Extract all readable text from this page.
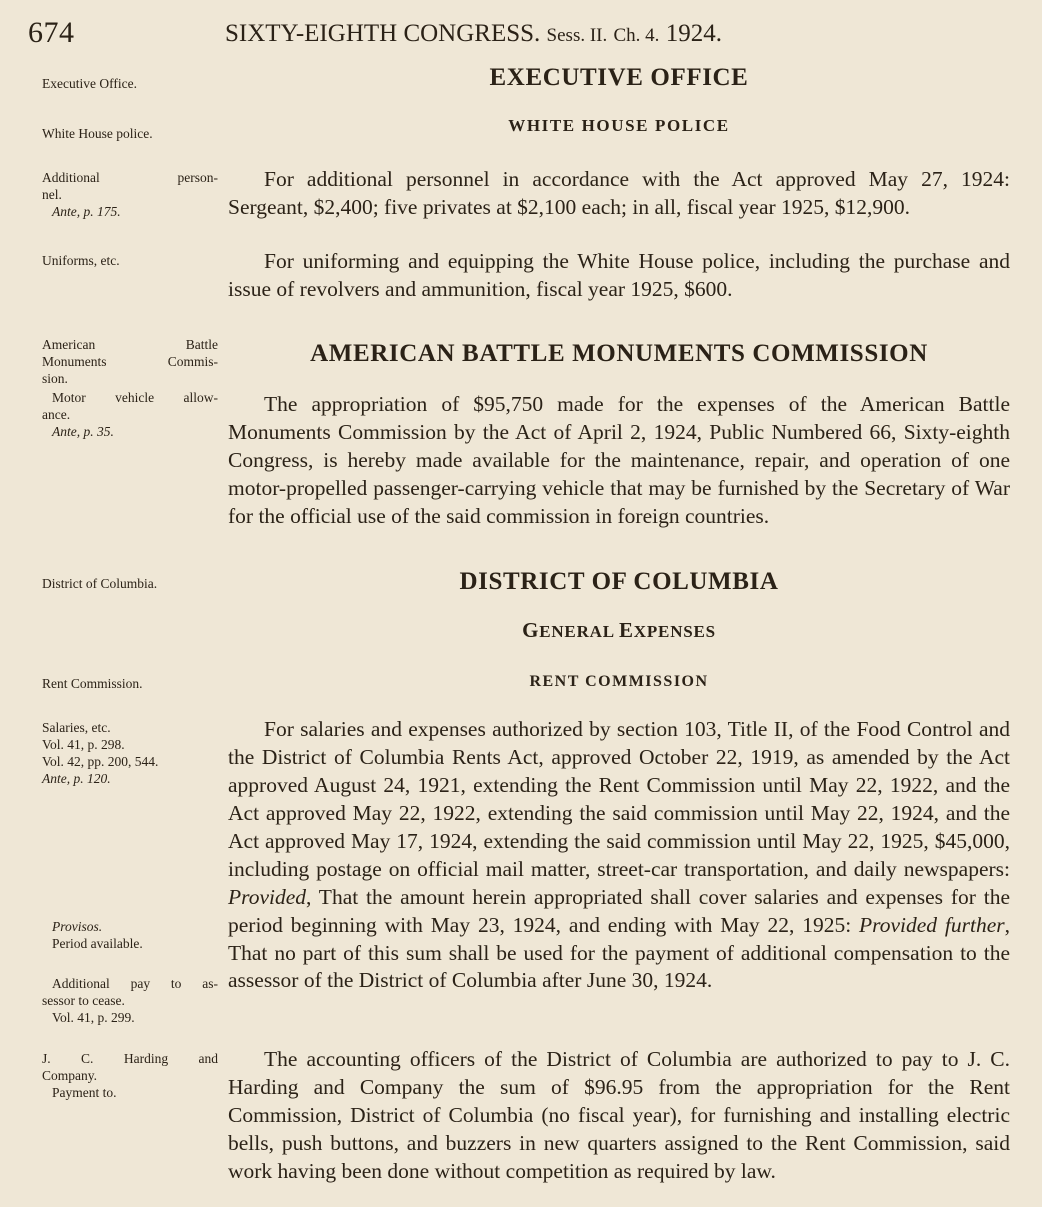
674	SIXTY-EIGHTH CONGRESS. Sess. II. Ch. 4. 1924.
Executive Office.
White House police.
Additional person-
nel.
Ante, p. 175.
Uniforms, etc.
American Battle
Monuments Commis-
sion.
Motor vehicle allow-
ance.
Ante, p. 35.
District of Columbia.
Rent Commission.
Salaries, etc.
Vol. 41, p. 298.
Vol. 42, pp. 200, 544.
Ante, p. 120.
Provisos.
Period available.
Additional pay to as-
sessor to cease.
Vol. 41, p. 299.
J. C. Harding and
Company.
Payment to.
EXECUTIVE OFFICE
WHITE HOUSE POLICE

For additional personnel in accordance with the Act approved May 27, 1924: Sergeant, $2,400; five privates at $2,100 each; in all, fiscal year 1925, $12,900.

For uniforming and equipping the White House police, including the purchase and issue of revolvers and ammunition, fiscal year 1925, $600.

AMERICAN BATTLE MONUMENTS COMMISSION

The appropriation of $95,750 made for the expenses of the American Battle Monuments Commission by the Act of April 2, 1924, Public Numbered 66, Sixty-eighth Congress, is hereby made available for the maintenance, repair, and operation of one motor-propelled passenger-carrying vehicle that may be furnished by the Secretary of War for the official use of the said commission in foreign countries.

DISTRICT OF COLUMBIA
GENERAL EXPENSES
RENT COMMISSION

For salaries and expenses authorized by section 103, Title II, of the Food Control and the District of Columbia Rents Act, approved October 22, 1919, as amended by the Act approved August 24, 1921, extending the Rent Commission until May 22, 1922, and the Act approved May 22, 1922, extending the said commission until May 22, 1924, and the Act approved May 17, 1924, extending the said commission until May 22, 1925, $45,000, including postage on official mail matter, street-car transportation, and daily newspapers: Provided, That the amount herein appropriated shall cover salaries and expenses for the period beginning with May 23, 1924, and ending with May 22, 1925: Provided further, That no part of this sum shall be used for the payment of additional compensation to the assessor of the District of Columbia after June 30, 1924.

The accounting officers of the District of Columbia are authorized to pay to J. C. Harding and Company the sum of $96.95 from the appropriation for the Rent Commission, District of Columbia (no fiscal year), for furnishing and installing electric bells, push buttons, and buzzers in new quarters assigned to the Rent Commission, said work having been done without competition as required by law.
